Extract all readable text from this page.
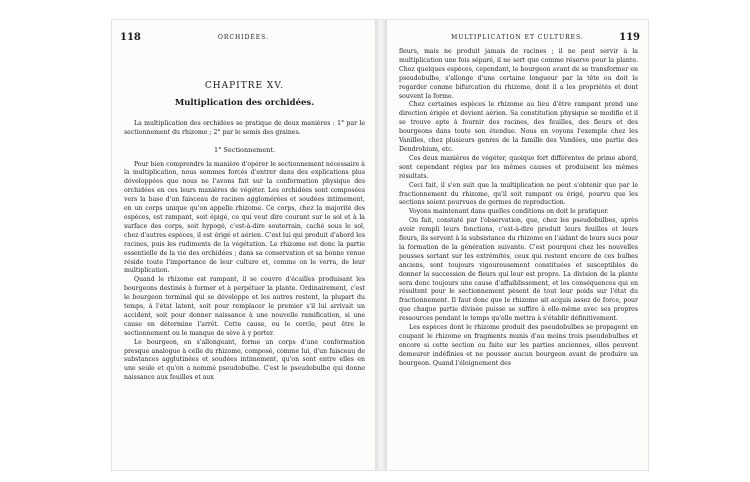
118	ORCHIDÉES.
CHAPITRE XV.
Multiplication des orchidées.

La multiplication des orchidées se pratique de deux manières : 1° par le sectionnement du rhizome ; 2° par le semis des graines.

1° Sectionnement.

Pour bien comprendre la manière d'opérer le sectionnement nécessaire à la multiplication, nous sommes forcés d'entrer dans des explications plus développées que nous ne l'avons fait sur la conformation physique des orchidées en ces leurs manières de végéter. Les orchidées sont composées vers la base d'un faisceau de racines agglomérées et soudées intimement, en un corps unique qu'on appelle rhizome. Ce corps, chez la majorité des espèces, est rampant, soit épigé, ce qui veut dire courant sur le sol et à la surface des corps, soit hypogé, c'est-à-dire souterrain, caché sous le sol, chez d'autres espèces, il est érigé et aérien. C'est lui qui produit d'abord les racines, puis les rudiments de la végétation. Le rhizome est donc la partie essentielle de la vie des orchidées ; dans sa conservation et sa bonne venue réside toute l'importance de leur culture et, comme on le verra, de leur multiplication.

Quand le rhizome est rampant, il se couvre d'écailles produisant les bourgeons destinés à former et à perpétuer la plante. Ordinairement, c'est le bourgeon terminal qui se développe et les autres restent, la plupart du temps, à l'état latent, soit pour remplacer le premier s'il lui arrivait un accident, soit pour donner naissance à une nouvelle ramification, si une cause en détermine l'arrêt. Cette cause, ou le cercle, peut être le sectionnement ou le manque de sève à y porter.

Le bourgeon, en s'allongeant, forme un corps d'une conformation presque analogue à celle du rhizome, composé, comme lui, d'un faisceau de substances agglutinées et soudées intimement, qu'on sont entre elles en une seule et qu'on a nommé pseudobulbe. C'est le pseudobulbe qui donne naissance aux feuilles et aux

MULTIPLICATION ET CULTURES.	119

fleurs, mais ne produit jamais de racines ; il ne peut servir à la multiplication une fois séparé, il ne sert que comme réserve pour la plante. Chez quelques espèces, cependant, le bourgeon avant de se transformer en pseudobulbe, s'allonge d'une certaine longueur par la tête ou doit le regarder comme bifurcation du rhizome, dont il a les propriétés et dont souvent la forme.

Chez certaines espèces le rhizome au lieu d'être rampant prend une direction érigée et devient aérien. Sa constitution physique se modifie et il se trouve apte à fournir des racines, des feuilles, des fleurs et des bourgeons dans toute son étendue. Nous en voyons l'exemple chez les Vanilles, chez plusieurs genres de la famille des Vandées, une partie des Dendrobium, etc.

Ces deux manières de végéter, quoique fort différentes de prime abord, sont cependant régies par les mêmes causes et produisent les mêmes résultats.

Ceci fait, il s'en suit que la multiplication ne peut s'obtenir que par le fractionnement du rhizome, qu'il soit rampant ou érigé, pourvu que les sections soient pourvues de germes de reproduction.

Voyons maintenant dans quelles conditions on doit le pratiquer.

On fait, constaté par l'observation, que, chez les pseudobulbes, après avoir rempli leurs fonctions, c'est-à-dire produit leurs feuilles et leurs fleurs, ils servent à la subsistance du rhizome en l'aidant de leurs sucs pour la formation de la génération suivante. C'est pourquoi chez les nouvelles pousses sortant sur les extrémités, ceux qui restent encore de ces bulbes anciens, sont toujours vigoureusement constituées et susceptibles de donner la succession de fleurs qui leur est propre. La division de la plante sera donc toujours une cause d'affaiblissement, et les conséquences qui en résultent pour le sectionnement pèsent de tout leur poids sur l'état du fractionnement. Il faut donc que le rhizome ait acquis assez de force, pour que chaque partie divisée puisse se suffire à elle-même avec ses propres ressources pendant le temps qu'elle mettra à s'établir définitivement.

Les espèces dont le rhizome produit des pseudobulbes se propagent en coupant le rhizome en fragments munis d'au moins trois pseudobulbes et encore si cette section ou faite sur les parties anciennes, elles peuvent demeurer indéfinies et ne pousser aucun bourgeon avant de produire un bourgeon. Quand l'éloignement des
